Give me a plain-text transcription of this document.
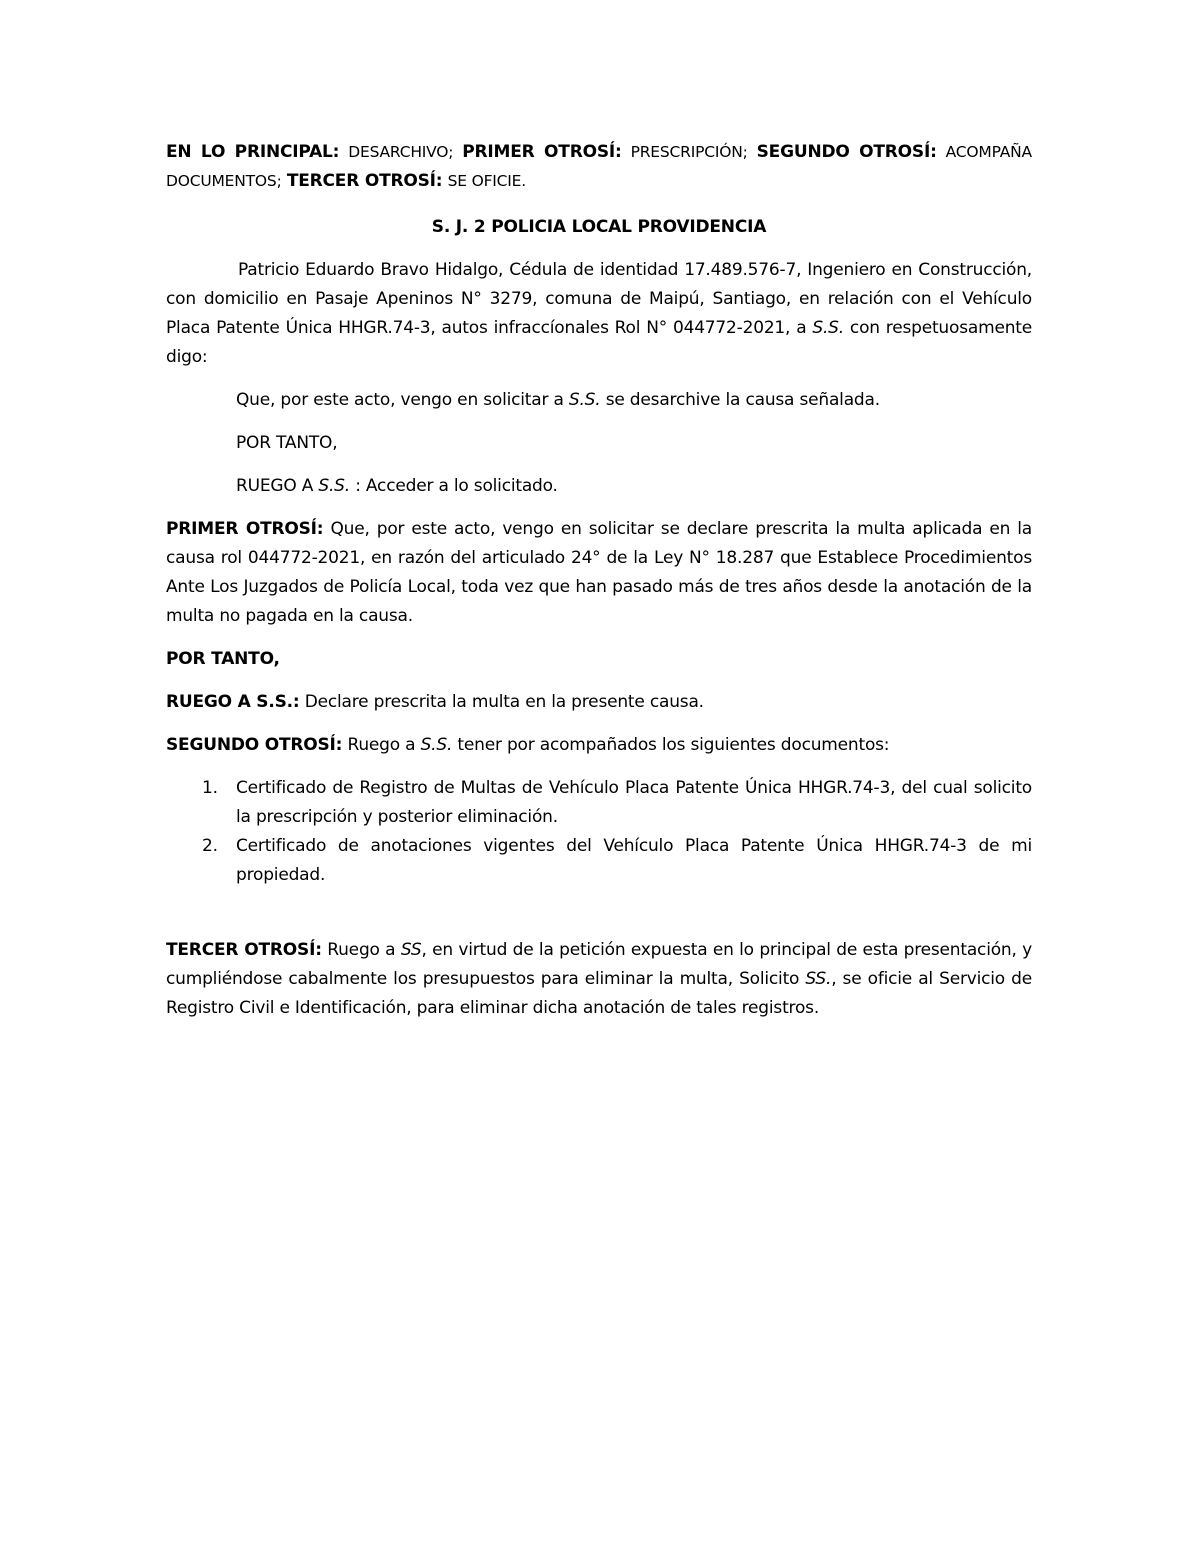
EN LO PRINCIPAL: DESARCHIVO; PRIMER OTROSÍ: PRESCRIPCIÓN; SEGUNDO OTROSÍ: ACOMPAÑA DOCUMENTOS; TERCER OTROSÍ: SE OFICIE.

S. J. 2 POLICIA LOCAL PROVIDENCIA

Patricio Eduardo Bravo Hidalgo, Cédula de identidad 17.489.576-7, Ingeniero en Construcción, con domicilio en Pasaje Apeninos N° 3279, comuna de Maipú, Santiago, en relación con el Vehículo Placa Patente Única HHGR.74-3, autos infraccíonales Rol N° 044772-2021, a S.S. con respetuosamente digo:

Que, por este acto, vengo en solicitar a S.S. se desarchive la causa señalada.

POR TANTO,

RUEGO A S.S. : Acceder a lo solicitado.

PRIMER OTROSÍ: Que, por este acto, vengo en solicitar se declare prescrita la multa aplicada en la causa rol 044772-2021, en razón del articulado 24° de la Ley N° 18.287 que Establece Procedimientos Ante Los Juzgados de Policía Local, toda vez que han pasado más de tres años desde la anotación de la multa no pagada en la causa.

POR TANTO,

RUEGO A S.S.: Declare prescrita la multa en la presente causa.

SEGUNDO OTROSÍ: Ruego a S.S. tener por acompañados los siguientes documentos:

1. Certificado de Registro de Multas de Vehículo Placa Patente Única HHGR.74-3, del cual solicito la prescripción y posterior eliminación.
2. Certificado de anotaciones vigentes del Vehículo Placa Patente Única HHGR.74-3 de mi propiedad.

TERCER OTROSÍ: Ruego a SS, en virtud de la petición expuesta en lo principal de esta presentación, y cumpliéndose cabalmente los presupuestos para eliminar la multa, Solicito SS., se oficie al Servicio de Registro Civil e Identificación, para eliminar dicha anotación de tales registros.
